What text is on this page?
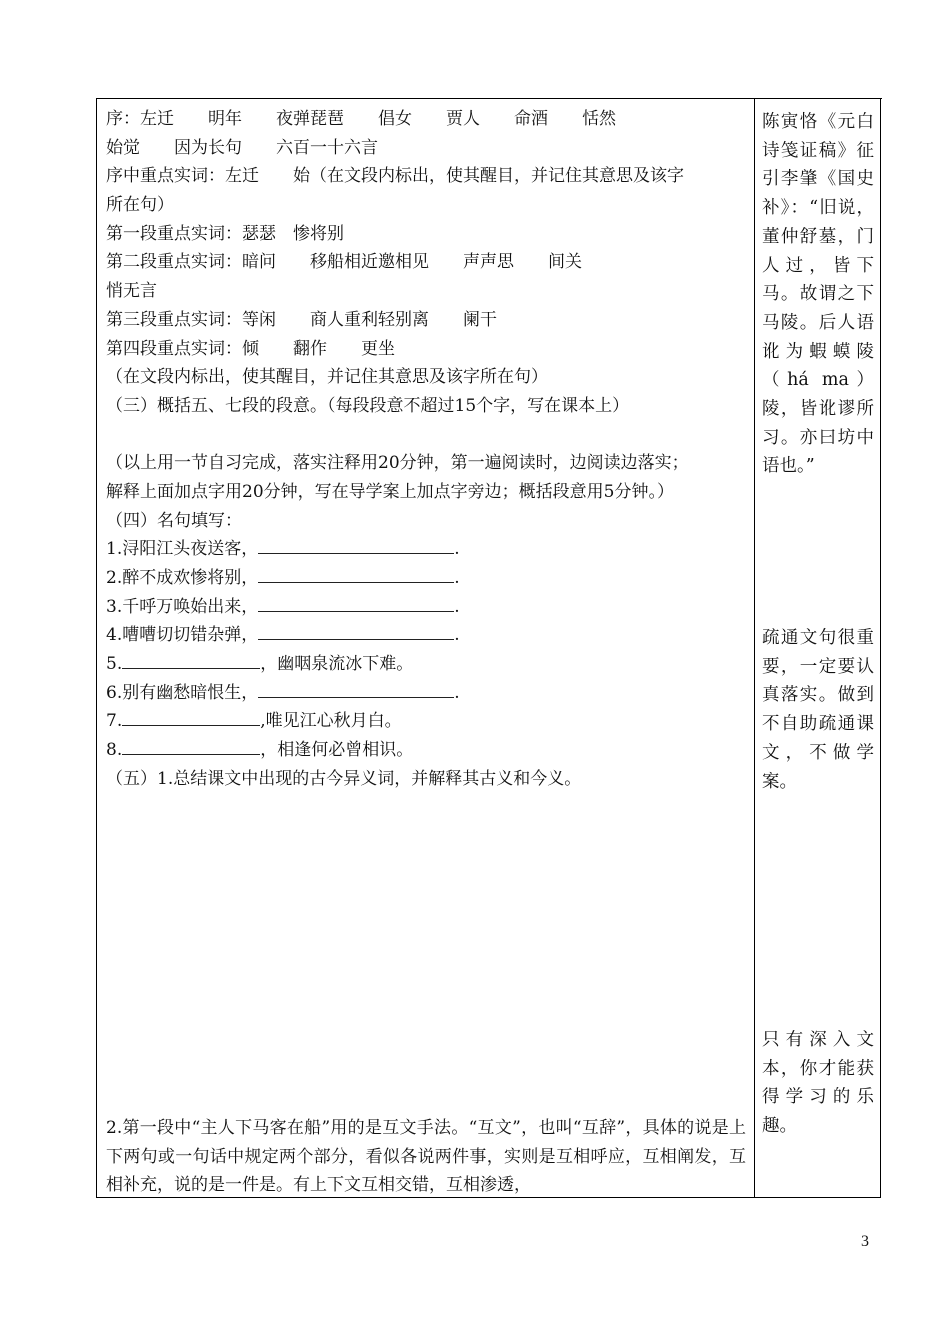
序：左迁　　明年　　夜弹琵琶　　倡女　　贾人　　命酒　　恬然
始觉　　因为长句　　六百一十六言
序中重点实词：左迁　　始（在文段内标出，使其醒目，并记住其意思及该字
所在句）
第一段重点实词：瑟瑟　惨将别
第二段重点实词：暗问　　移船相近邀相见　　声声思　　间关
悄无言
第三段重点实词：等闲　　商人重利轻别离　　阑干
第四段重点实词：倾　　翻作　　更坐
（在文段内标出，使其醒目，并记住其意思及该字所在句）
（三）概括五、七段的段意。（每段段意不超过15个字，写在课本上）
（以上用一节自习完成，落实注释用20分钟，第一遍阅读时，边阅读边落实；
解释上面加点字用20分钟，写在导学案上加点字旁边；概括段意用5分钟。）
（四）名句填写：
1.浔阳江头夜送客，	.
2.醉不成欢惨将别，	.
3.千呼万唤始出来，	.
4.嘈嘈切切错杂弹，	.
5.	，幽咽泉流冰下难。
6.别有幽愁暗恨生，	.
7.	,唯见江心秋月白。
8.	，相逢何必曾相识。
（五）1.总结课文中出现的古今异义词，并解释其古义和今义。
2.第一段中“主人下马客在船”用的是互文手法。“互文”，也叫“互辞”，具体的说是上下两句或一句话中规定两个部分，看似各说两件事，实则是互相呼应，互相阐发，互相补充，说的是一件是。有上下文互相交错，互相渗透，
陈寅恪《元白诗笺证稿》征引李肇《国史补》：“旧说，董仲舒墓，门人过，皆下马。故谓之下马陵。后人语讹为蝦蟆陵（há ma）陵，皆讹谬所习。亦曰坊中语也。”
疏通文句很重要，一定要认真落实。做到不自助疏通课文，不做学案。
只有深入文本，你才能获得学习的乐趣。
3
